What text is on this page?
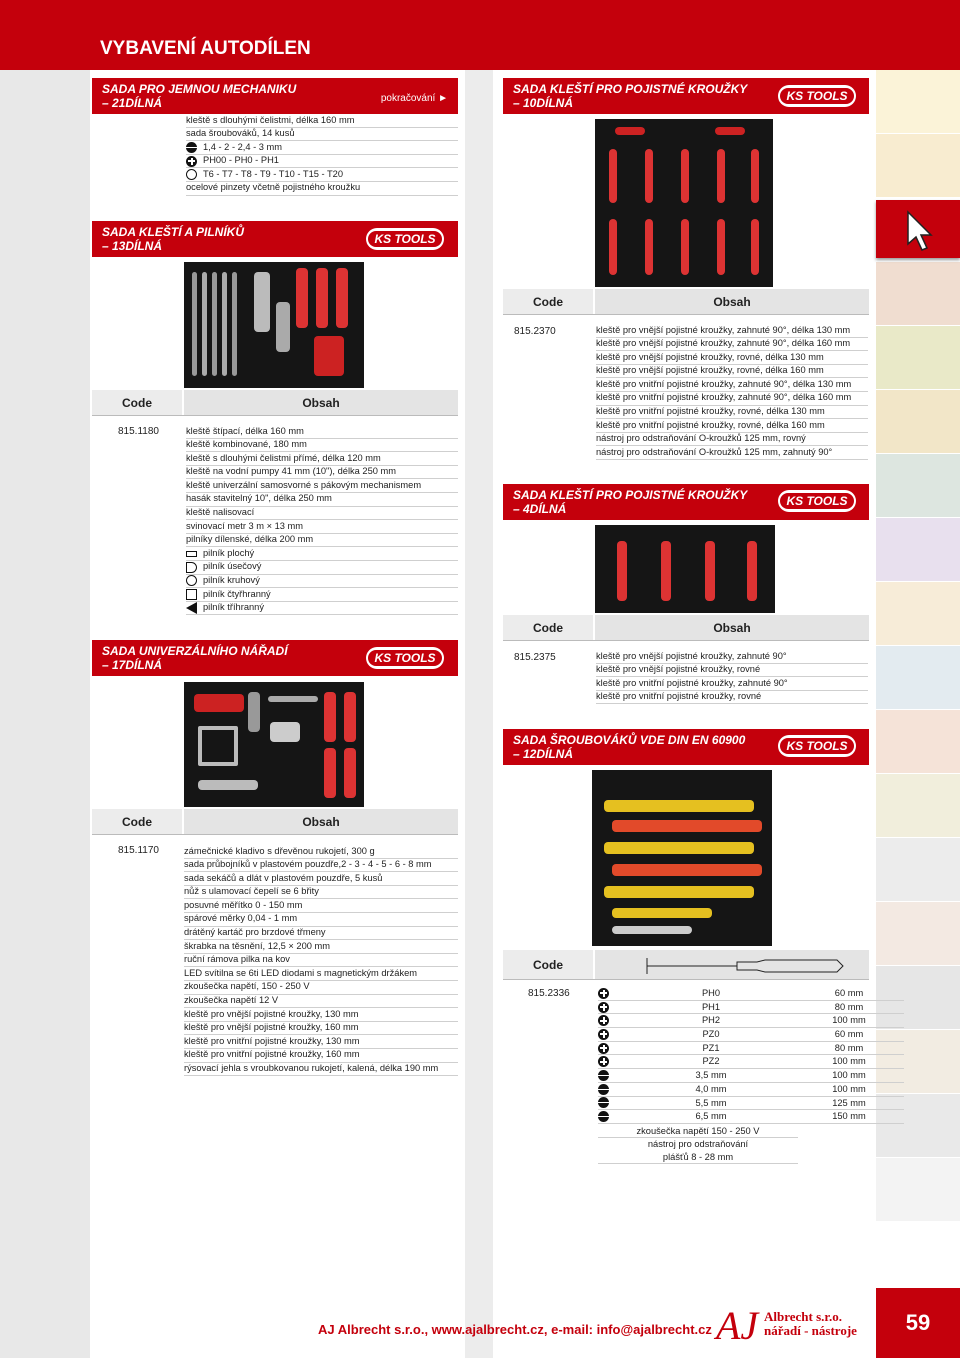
VYBAVENÍ AUTODÍLEN
SADA PRO JEMNOU MECHANIKU
– 21DÍLNÁ	pokračování ►
kleště s dlouhými čelistmi, délka 160 mm
sada šroubováků, 14 kusů
1,4 - 2 - 2,4 - 3 mm
PH00 - PH0 - PH1
T6 - T7 - T8 - T9 - T10 - T15 - T20
ocelové pinzety včetně pojistného kroužku
SADA KLEŠTÍ A PILNÍKŮ
– 13DÍLNÁ	KS TOOLS
Code	Obsah
815.1180	kleště štípací, délka 160 mm
kleště kombinované, 180 mm
kleště s dlouhými čelistmi přímé, délka 120 mm
kleště na vodní pumpy 41 mm (10"), délka 250 mm
kleště univerzální samosvorné s pákovým mechanismem
hasák stavitelný 10", délka 250 mm
kleště nalisovací
svinovací metr 3 m × 13 mm
pilníky dílenské, délka 200 mm
pilník plochý
pilník úsečový
pilník kruhový
pilník čtyřhranný
pilník tříhranný
SADA UNIVERZÁLNÍHO NÁŘADÍ
– 17DÍLNÁ	KS TOOLS
Code	Obsah
815.1170	zámečnické kladivo s dřevěnou rukojetí, 300 g
sada průbojníků v plastovém pouzdře,2 - 3 - 4 - 5 - 6 - 8 mm
sada sekáčů a dlát v plastovém pouzdře, 5 kusů
nůž s ulamovací čepelí se 6 břity
posuvné měřítko 0 - 150 mm
spárové měrky 0,04 - 1 mm
drátěný kartáč pro brzdové třmeny
škrabka na těsnění, 12,5 × 200 mm
ruční rámova pilka na kov
LED svítilna se 6ti LED diodami s magnetickým držákem
zkoušečka napětí, 150 - 250 V
zkoušečka napětí 12 V
kleště pro vnější pojistné kroužky, 130 mm
kleště pro vnější pojistné kroužky, 160 mm
kleště pro vnitřní pojistné kroužky, 130 mm
kleště pro vnitřní pojistné kroužky, 160 mm
rýsovací jehla s vroubkovanou rukojetí, kalená, délka 190 mm
SADA KLEŠTÍ PRO POJISTNÉ KROUŽKY
– 10DÍLNÁ	KS TOOLS
Code	Obsah
815.2370	kleště pro vnější pojistné kroužky, zahnuté 90°, délka 130 mm
kleště pro vnější pojistné kroužky, zahnuté 90°, délka 160 mm
kleště pro vnější pojistné kroužky, rovné, délka 130 mm
kleště pro vnější pojistné kroužky, rovné, délka 160 mm
kleště pro vnitřní pojistné kroužky, zahnuté 90°, délka 130 mm
kleště pro vnitřní pojistné kroužky, zahnuté 90°, délka 160 mm
kleště pro vnitřní pojistné kroužky, rovné, délka 130 mm
kleště pro vnitřní pojistné kroužky, rovné, délka 160 mm
nástroj pro odstraňování O-kroužků 125 mm, rovný
nástroj pro odstraňování O-kroužků 125 mm, zahnutý 90°
SADA KLEŠTÍ PRO POJISTNÉ KROUŽKY
– 4DÍLNÁ
KS TOOLS
Code	Obsah
815.2375	kleště pro vnější pojistné kroužky, zahnuté 90°
kleště pro vnější pojistné kroužky, rovné
kleště pro vnitřní pojistné kroužky, zahnuté 90°
kleště pro vnitřní pojistné kroužky, rovné
SADA ŠROUBOVÁKŮ VDE DIN EN 60900
– 12DÍLNÁ
KS TOOLS
Code
815.2336	PH0	60 mm
PH1	80 mm
PH2	100 mm
PZ0	60 mm
PZ1	80 mm
PZ2	100 mm
3,5 mm	100 mm
4,0 mm	100 mm
5,5 mm	125 mm
6,5 mm	150 mm
zkoušečka napětí 150 - 250 V
nástroj pro odstraňování
plášťů 8 - 28 mm
AJ Albrecht s.r.o., www.ajalbrecht.cz, e-mail: info@ajalbrecht.cz AJ Albrecht s.r.o.
nářadí - nástroje	59
